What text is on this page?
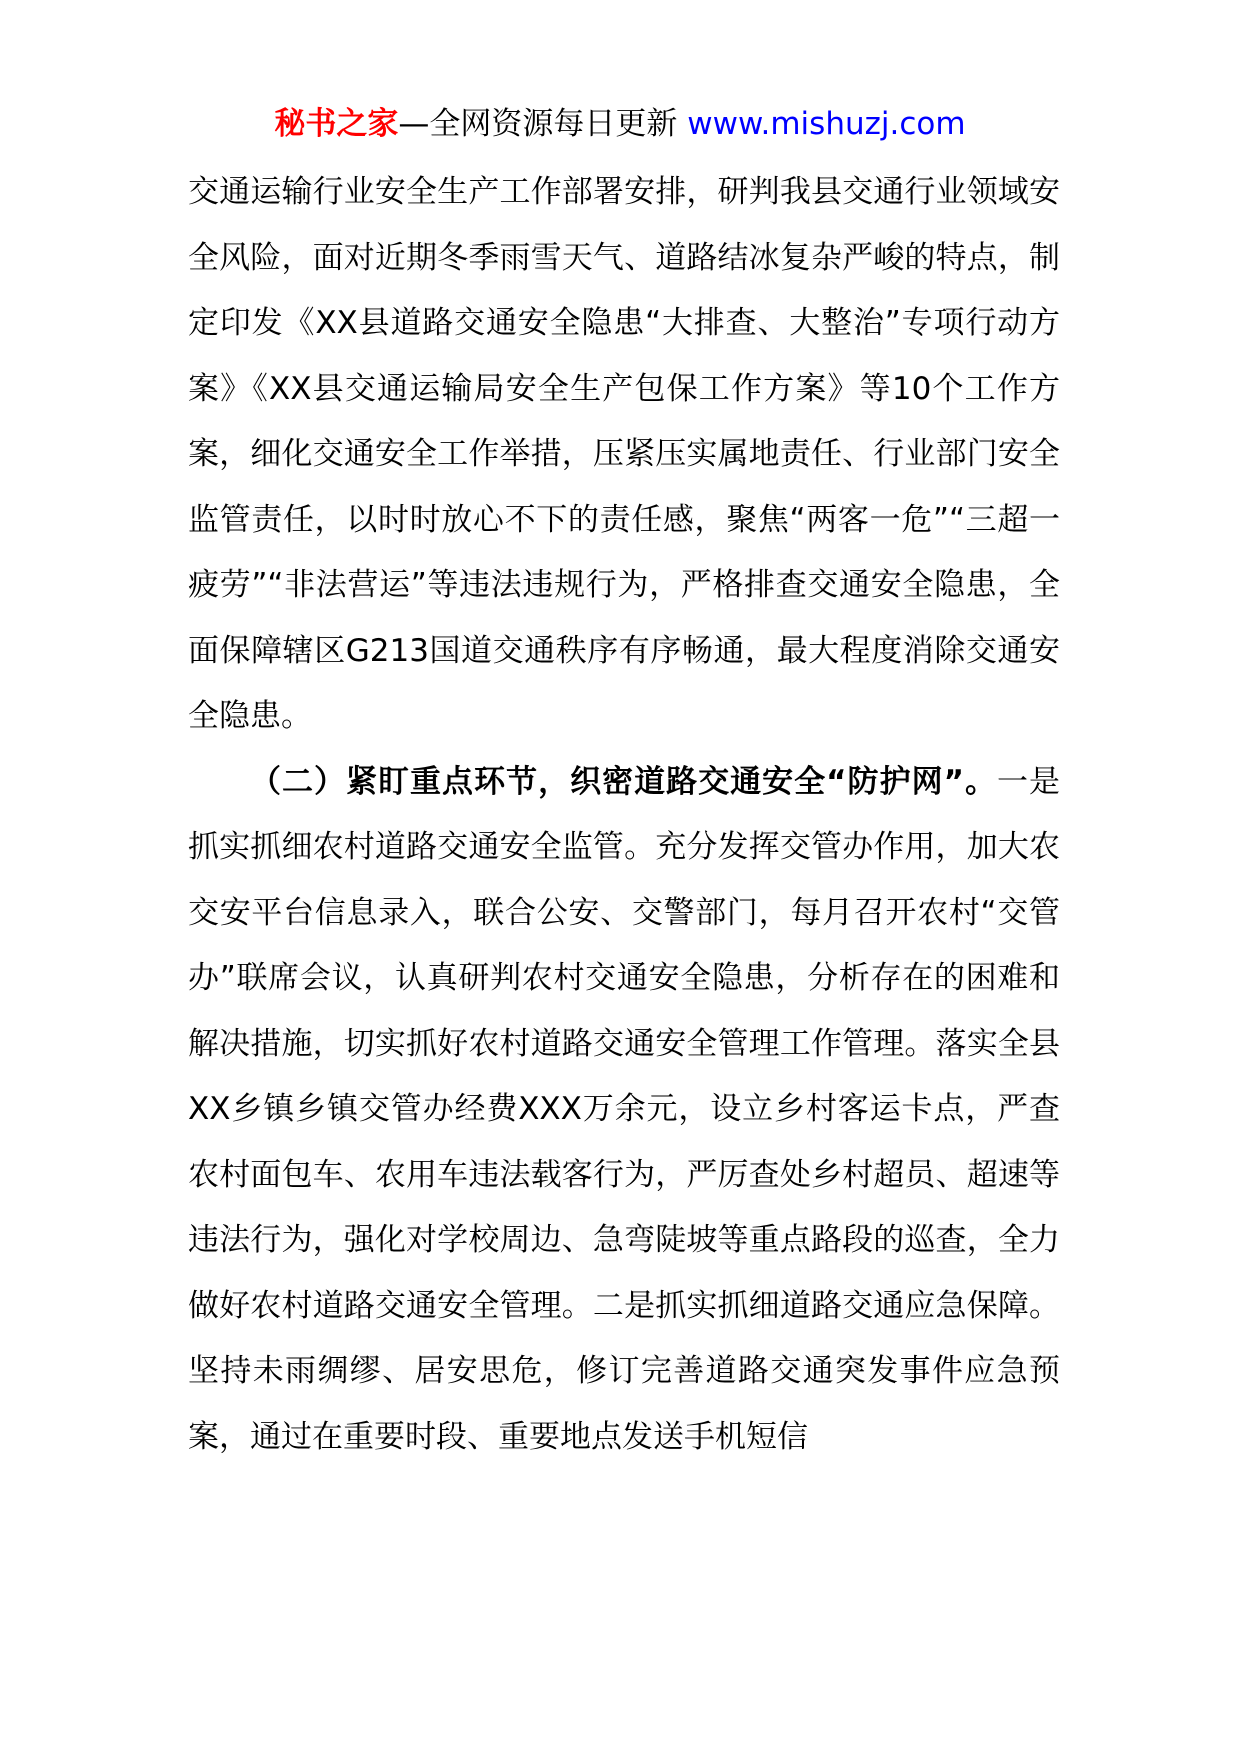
秘书之家—全网资源每日更新 www.mishuzj.com

交通运输行业安全生产工作部署安排，研判我县交通行业领域安全风险，面对近期冬季雨雪天气、道路结冰复杂严峻的特点，制定印发《XX县道路交通安全隐患“大排查、大整治”专项行动方案》《XX县交通运输局安全生产包保工作方案》等10个工作方案，细化交通安全工作举措，压紧压实属地责任、行业部门安全监管责任，以时时放心不下的责任感，聚焦“两客一危”“三超一疲劳”“非法营运”等违法违规行为，严格排查交通安全隐患，全面保障辖区G213国道交通秩序有序畅通，最大程度消除交通安全隐患。

（二）紧盯重点环节，织密道路交通安全“防护网”。一是抓实抓细农村道路交通安全监管。充分发挥交管办作用，加大农交安平台信息录入，联合公安、交警部门，每月召开农村“交管办”联席会议，认真研判农村交通安全隐患，分析存在的困难和解决措施，切实抓好农村道路交通安全管理工作管理。落实全县XX乡镇乡镇交管办经费XXX万余元，设立乡村客运卡点，严查农村面包车、农用车违法载客行为，严厉查处乡村超员、超速等违法行为，强化对学校周边、急弯陡坡等重点路段的巡查，全力做好农村道路交通安全管理。二是抓实抓细道路交通应急保障。坚持未雨绸缪、居安思危，修订完善道路交通突发事件应急预案，通过在重要时段、重要地点发送手机短信
